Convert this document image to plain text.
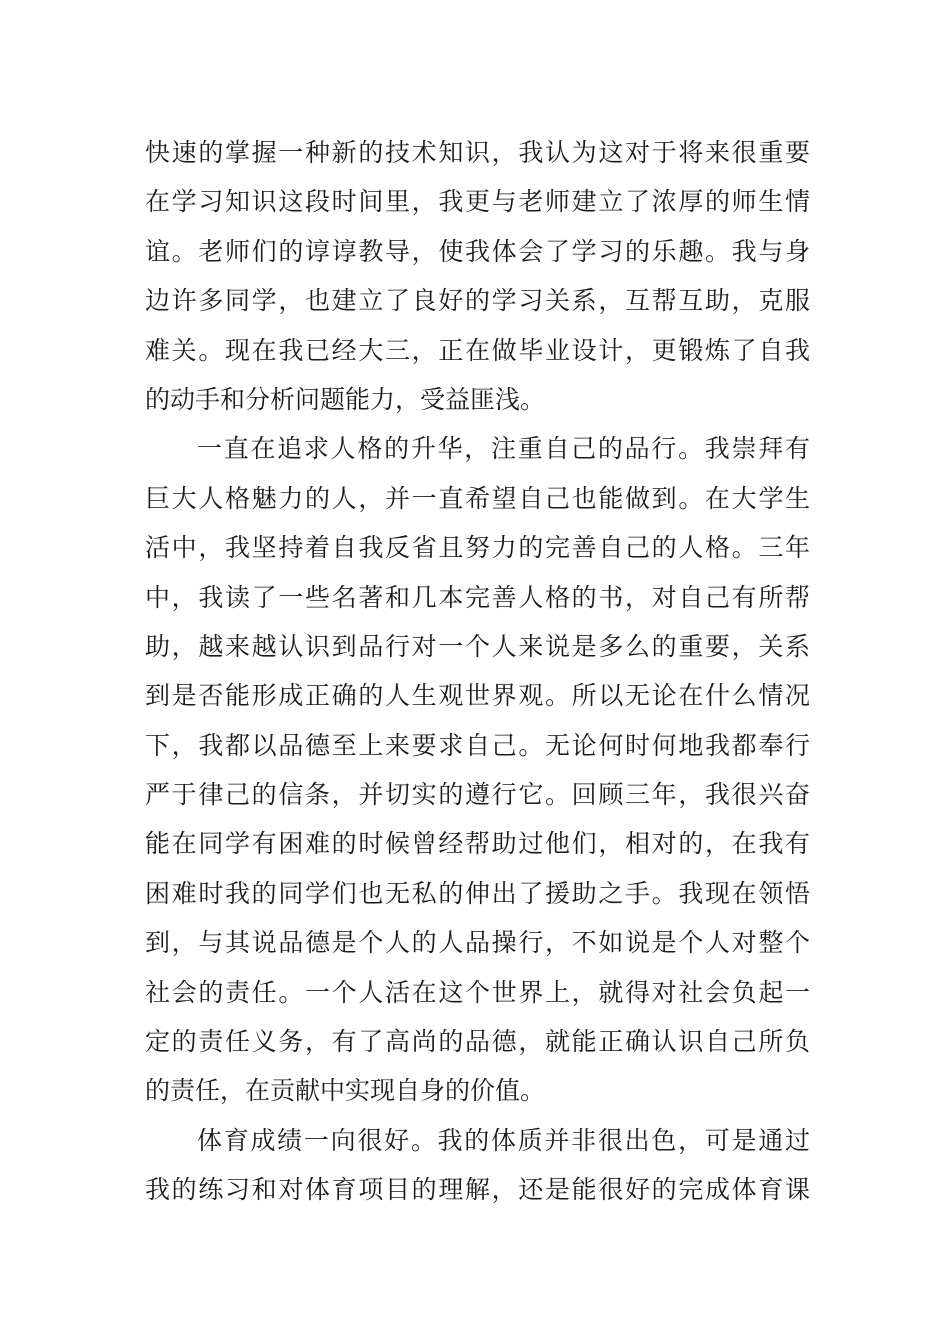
快速的掌握一种新的技术知识，我认为这对于将来很重要
在学习知识这段时间里，我更与老师建立了浓厚的师生情
谊。老师们的谆谆教导，使我体会了学习的乐趣。我与身
边许多同学，也建立了良好的学习关系，互帮互助，克服
难关。现在我已经大三，正在做毕业设计，更锻炼了自我
的动手和分析问题能力，受益匪浅。
一直在追求人格的升华，注重自己的品行。我崇拜有
巨大人格魅力的人，并一直希望自己也能做到。在大学生
活中，我坚持着自我反省且努力的完善自己的人格。三年
中，我读了一些名著和几本完善人格的书，对自己有所帮
助，越来越认识到品行对一个人来说是多么的重要，关系
到是否能形成正确的人生观世界观。所以无论在什么情况
下，我都以品德至上来要求自己。无论何时何地我都奉行
严于律己的信条，并切实的遵行它。回顾三年，我很兴奋
能在同学有困难的时候曾经帮助过他们，相对的，在我有
困难时我的同学们也无私的伸出了援助之手。我现在领悟
到，与其说品德是个人的人品操行，不如说是个人对整个
社会的责任。一个人活在这个世界上，就得对社会负起一
定的责任义务，有了高尚的品德，就能正确认识自己所负
的责任，在贡献中实现自身的价值。
体育成绩一向很好。我的体质并非很出色，可是通过
我的练习和对体育项目的理解，还是能很好的完成体育课
